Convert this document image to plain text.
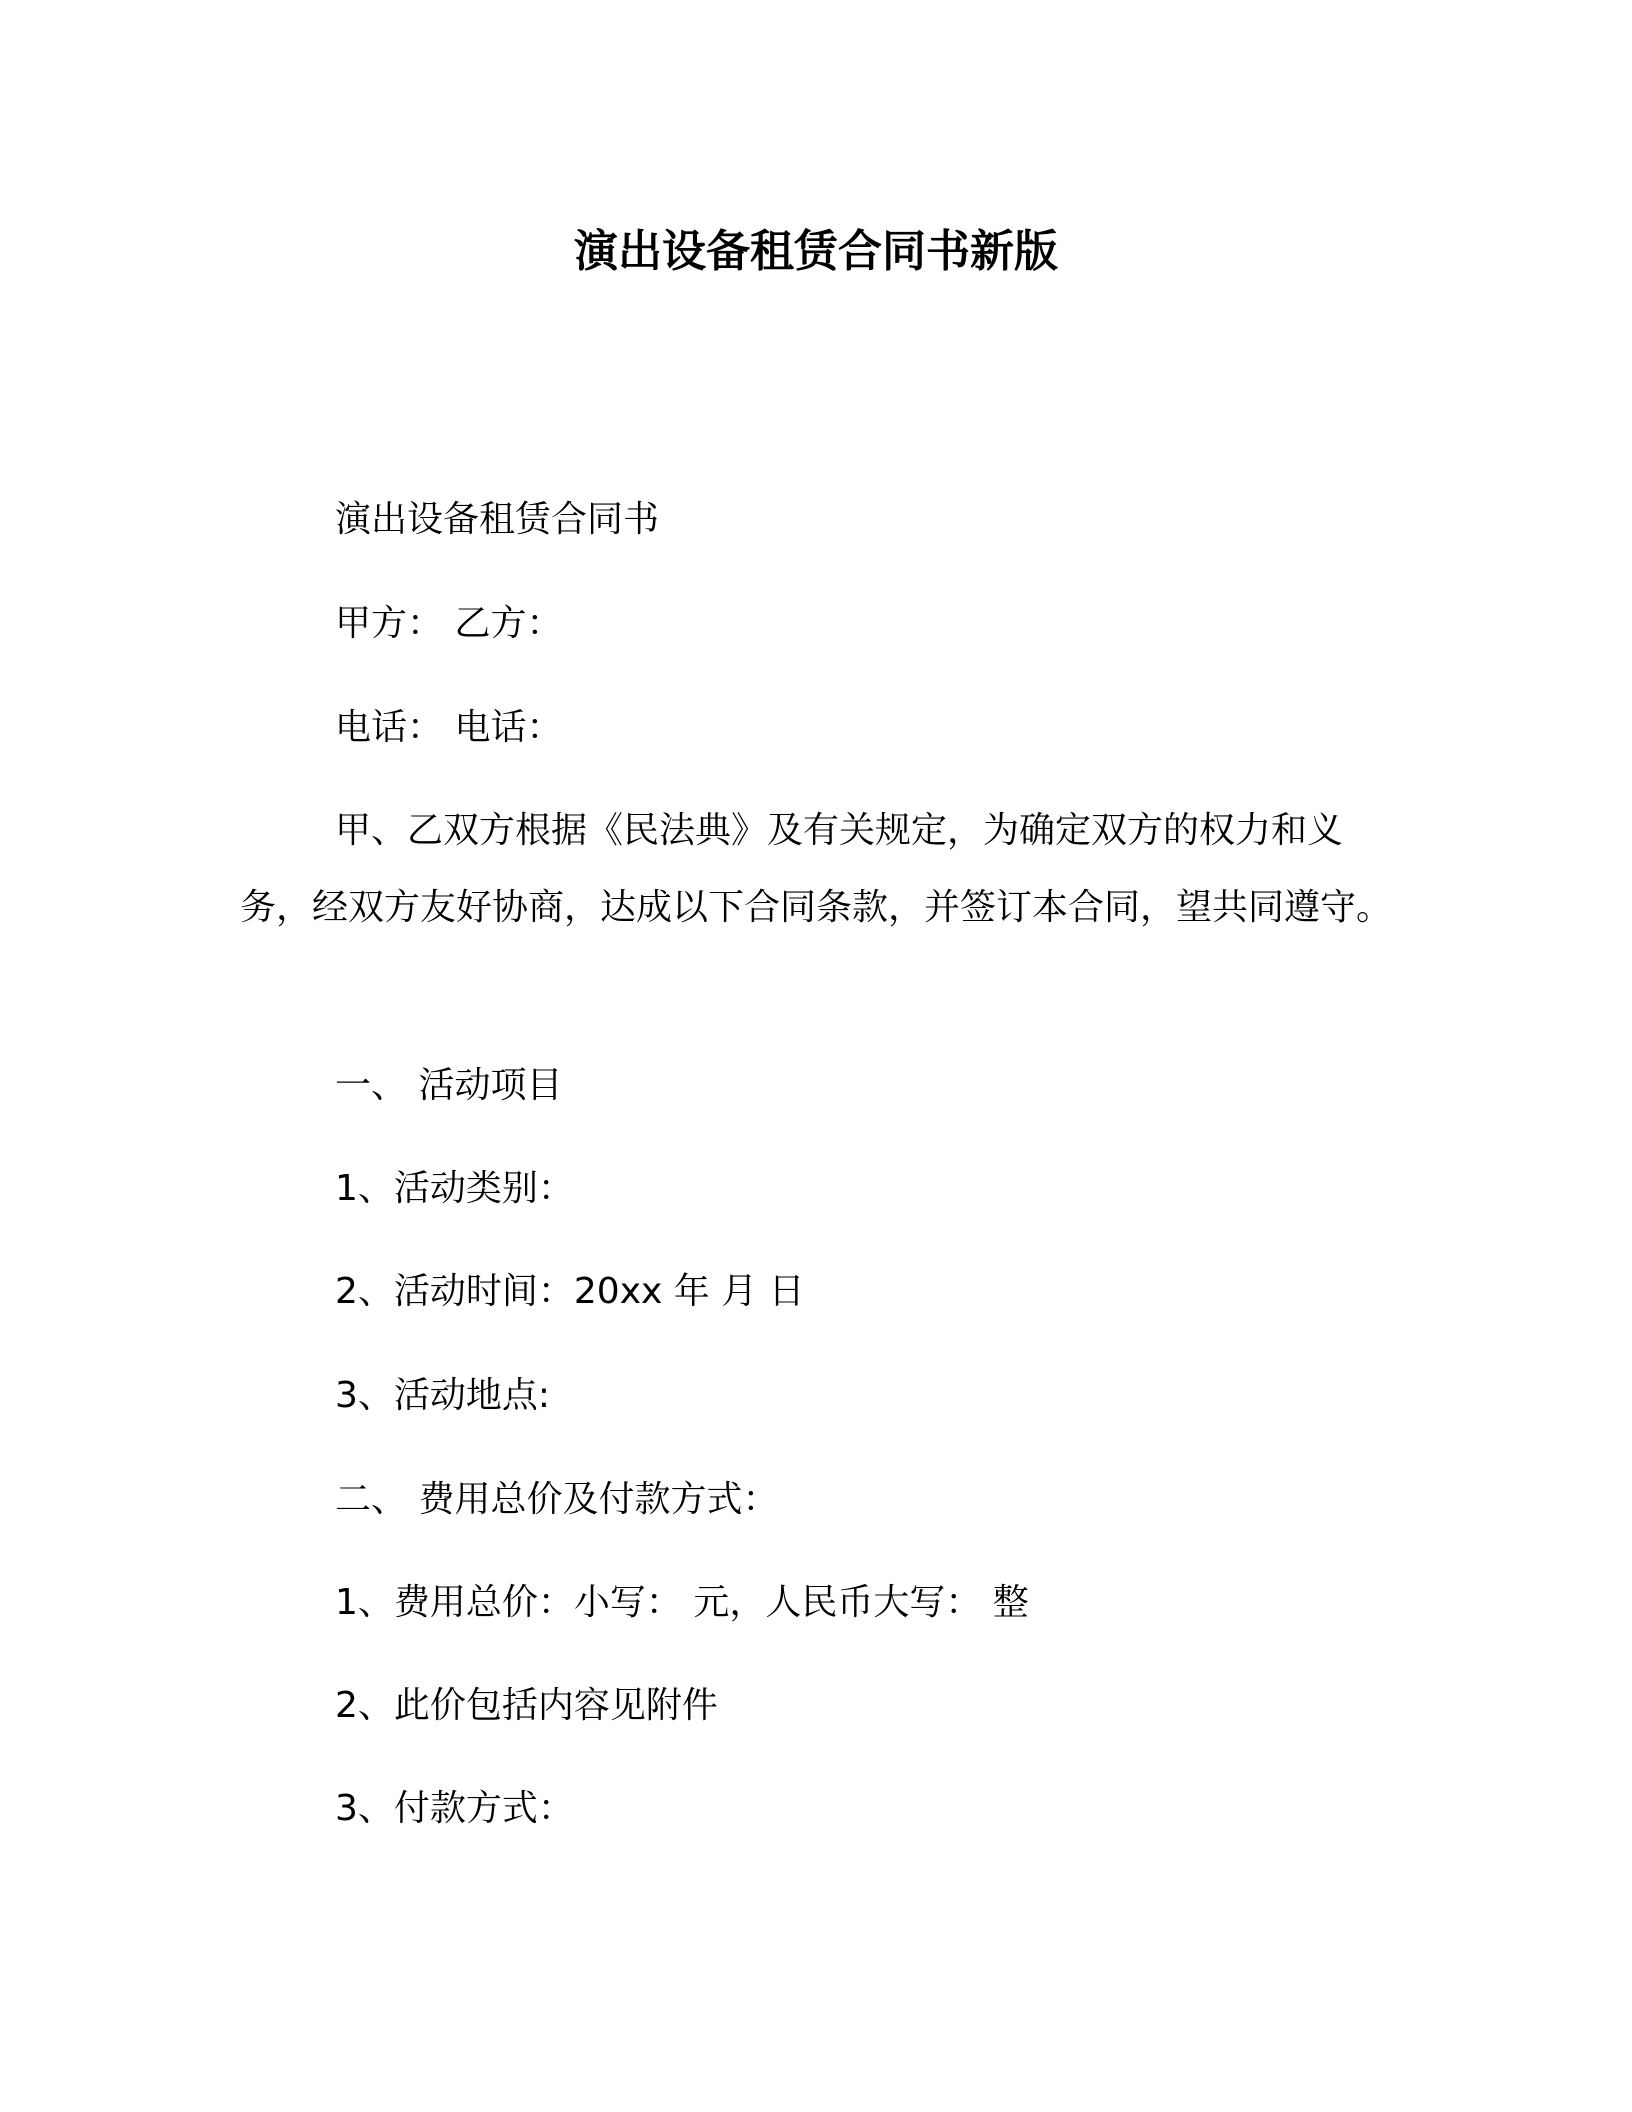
演出设备租赁合同书新版

演出设备租赁合同书

甲方： 乙方：

电话： 电话：

甲、乙双方根据《民法典》及有关规定，为确定双方的权力和义务，经双方友好协商，达成以下合同条款，并签订本合同，望共同遵守。

一、 活动项目

1、活动类别：

2、活动时间：20xx 年 月 日

3、活动地点:

二、 费用总价及付款方式：

1、费用总价：小写： 元，人民币大写： 整

2、此价包括内容见附件

3、付款方式：
